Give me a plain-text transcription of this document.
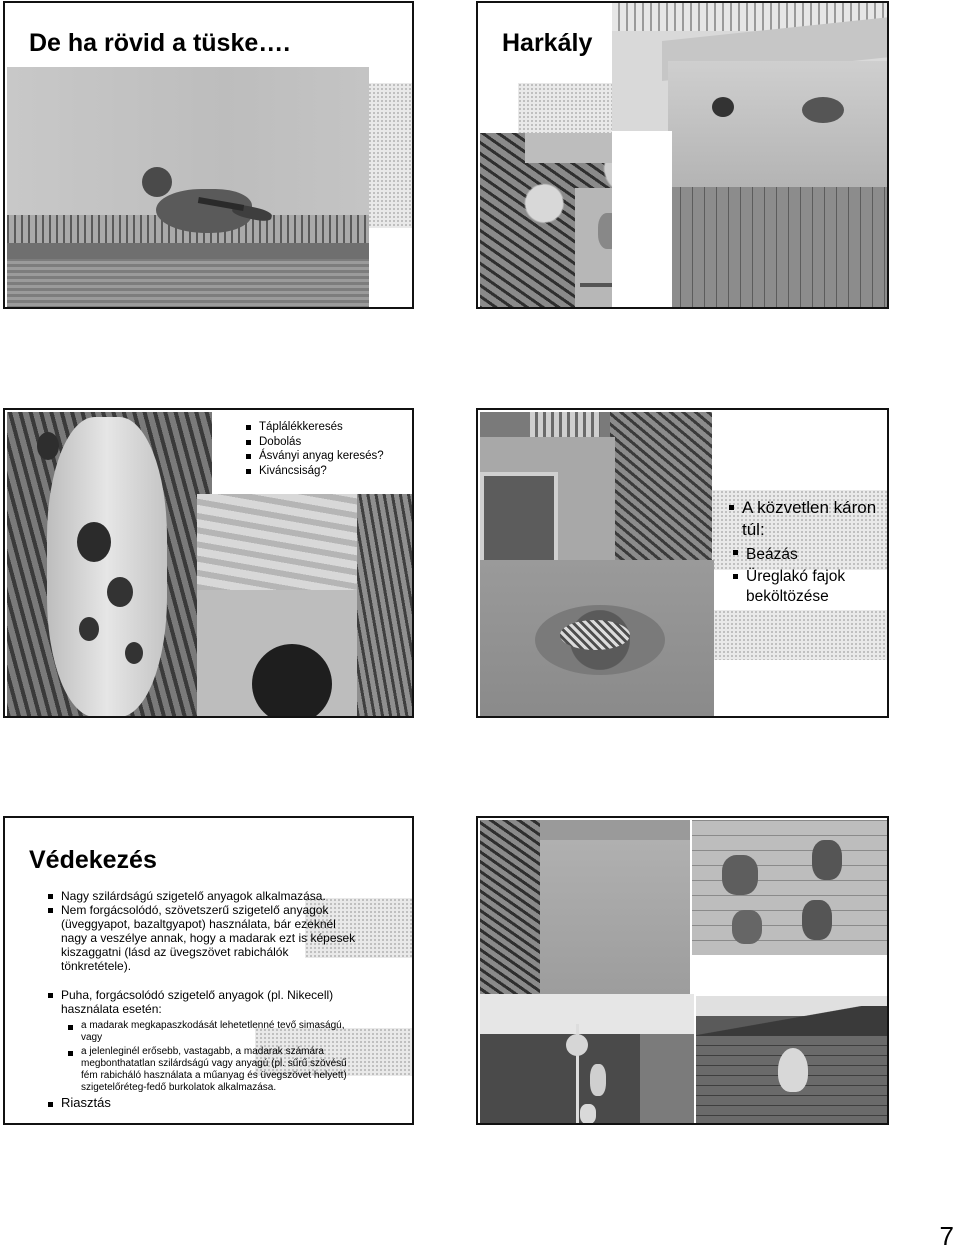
De ha rövid a tüske….	Harkály
Táplálékkeresés
Dobolás
Ásványi anyag keresés?
Kiváncsiság?
A közvetlen káron
túl:
Beázás
Üreglakó fajok
beköltözése
Védekezés
Nagy szilárdságú szigetelő anyagok alkalmazása.
Nem forgácsolódó, szövetszerű szigetelő anyagok
(üveggyapot, bazaltgyapot) használata, bár ezeknél
nagy a veszélye annak, hogy a madarak ezt is képesek
kiszaggatni (lásd az üvegszövet rabichálók
tönkretétele).
Puha, forgácsolódó szigetelő anyagok (pl. Nikecell)
használata esetén:
a madarak megkapaszkodását lehetetlenné tevő simaságú,
vagy
a jelenleginél erősebb, vastagabb, a madarak számára
megbonthatatlan szilárdságú vagy anyagú (pl. sűrű szövésű
fém rabicháló használata a műanyag és üvegszövet helyett)
szigetelőréteg-fedő burkolatok alkalmazása.
Riasztás
7
